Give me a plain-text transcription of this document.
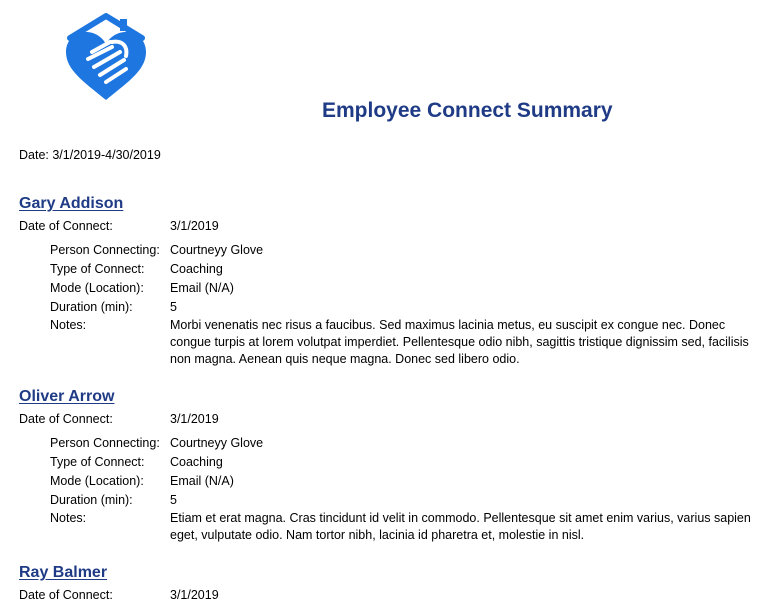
Employee Connect Summary
Date: 3/1/2019-4/30/2019
Gary Addison
Date of Connect:	3/1/2019
Person Connecting: Courtneyy Glove
Type of Connect: Coaching
Mode (Location): Email (N/A)
Duration (min):	5
Notes:	Morbi venenatis nec risus a faucibus. Sed maximus lacinia metus, eu suscipit ex congue nec. Donec congue turpis at lorem volutpat imperdiet. Pellentesque odio nibh, sagittis tristique dignissim sed, facilisis non magna. Aenean quis neque magna. Donec sed libero odio.
Oliver Arrow
Date of Connect:	3/1/2019
Person Connecting: Courtneyy Glove
Type of Connect: Coaching
Mode (Location): Email (N/A)
Duration (min):	5
Notes:	Etiam et erat magna. Cras tincidunt id velit in commodo. Pellentesque sit amet enim varius, varius sapien eget, vulputate odio. Nam tortor nibh, lacinia id pharetra et, molestie in nisl.
Ray Balmer
Date of Connect:	3/1/2019
